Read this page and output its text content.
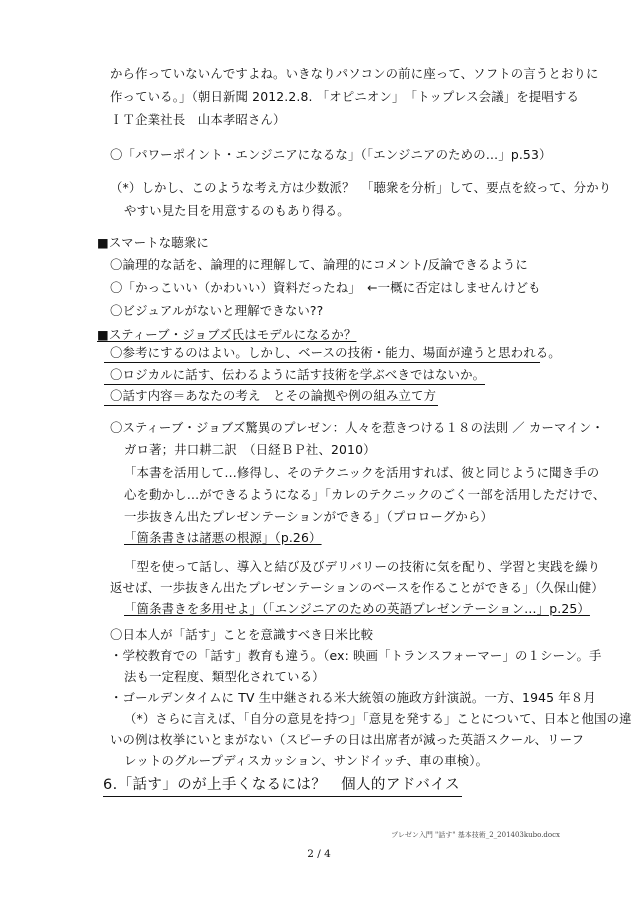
から作っていないんですよね。いきなりパソコンの前に座って、ソフトの言うとおりに
作っている。」（朝日新聞 2012.2.8. 「オピニオン」　「トップレス会議」を提唱する
ＩＴ企業社長　山本孝昭さん）
〇「パワーポイント・エンジニアになるな」（「エンジニアのための…」p.53）
（*）しかし、このような考え方は少数派？　「聴衆を分析」して、要点を絞って、分かり
やすい見た目を用意するのもあり得る。
■スマートな聴衆に
〇論理的な話を、論理的に理解して、論理的にコメント/反論できるように
〇「かっこいい（かわいい）資料だったね」　←一概に否定はしませんけども
〇ビジュアルがないと理解できない??
■スティーブ・ジョブズ氏はモデルになるか？
〇参考にするのはよい。しかし、ベースの技術・能力、場面が違うと思われる。
〇ロジカルに話す、伝わるように話す技術を学ぶべきではないか。
〇話す内容＝あなたの考え　とその論拠や例の組み立て方
〇スティーブ・ジョブズ驚異のプレゼン：人々を惹きつける１８の法則 ／ カーマイン・
ガロ著；井口耕二訳　（日経ＢＰ社、2010）
「本書を活用して…修得し、そのテクニックを活用すれば、彼と同じように聞き手の
心を動かし…ができるようになる」「カレのテクニックのごく一部を活用しただけで、
一歩抜きん出たプレゼンテーションができる」（プロローグから）
「箇条書きは諸悪の根源」（p.26）
「型を使って話し、導入と結び及びデリバリーの技術に気を配り、学習と実践を繰り
返せば、一歩抜きん出たプレゼンテーションのベースを作ることができる」（久保山健）
「箇条書きを多用せよ」（「エンジニアのための英語プレゼンテーション…」p.25）
〇日本人が「話す」ことを意識すべき日米比較
・学校教育での「話す」教育も違う。（ex: 映画「トランスフォーマー」の１シーン。手
法も一定程度、類型化されている）
・ゴールデンタイムに TV 生中継される米大統領の施政方針演説。一方、1945 年８月
（*）さらに言えば、「自分の意見を持つ」「意見を発する」ことについて、日本と他国の違
いの例は枚挙にいとまがない（スピーチの日は出席者が減った英語スクール、リーフ
レットのグループディスカッション、サンドイッチ、車の車検）。
6.「話す」のが上手くなるには？　個人的アドバイス
プレゼン入門 "話す" 基本技術_2_201403kubo.docx
2 / 4
